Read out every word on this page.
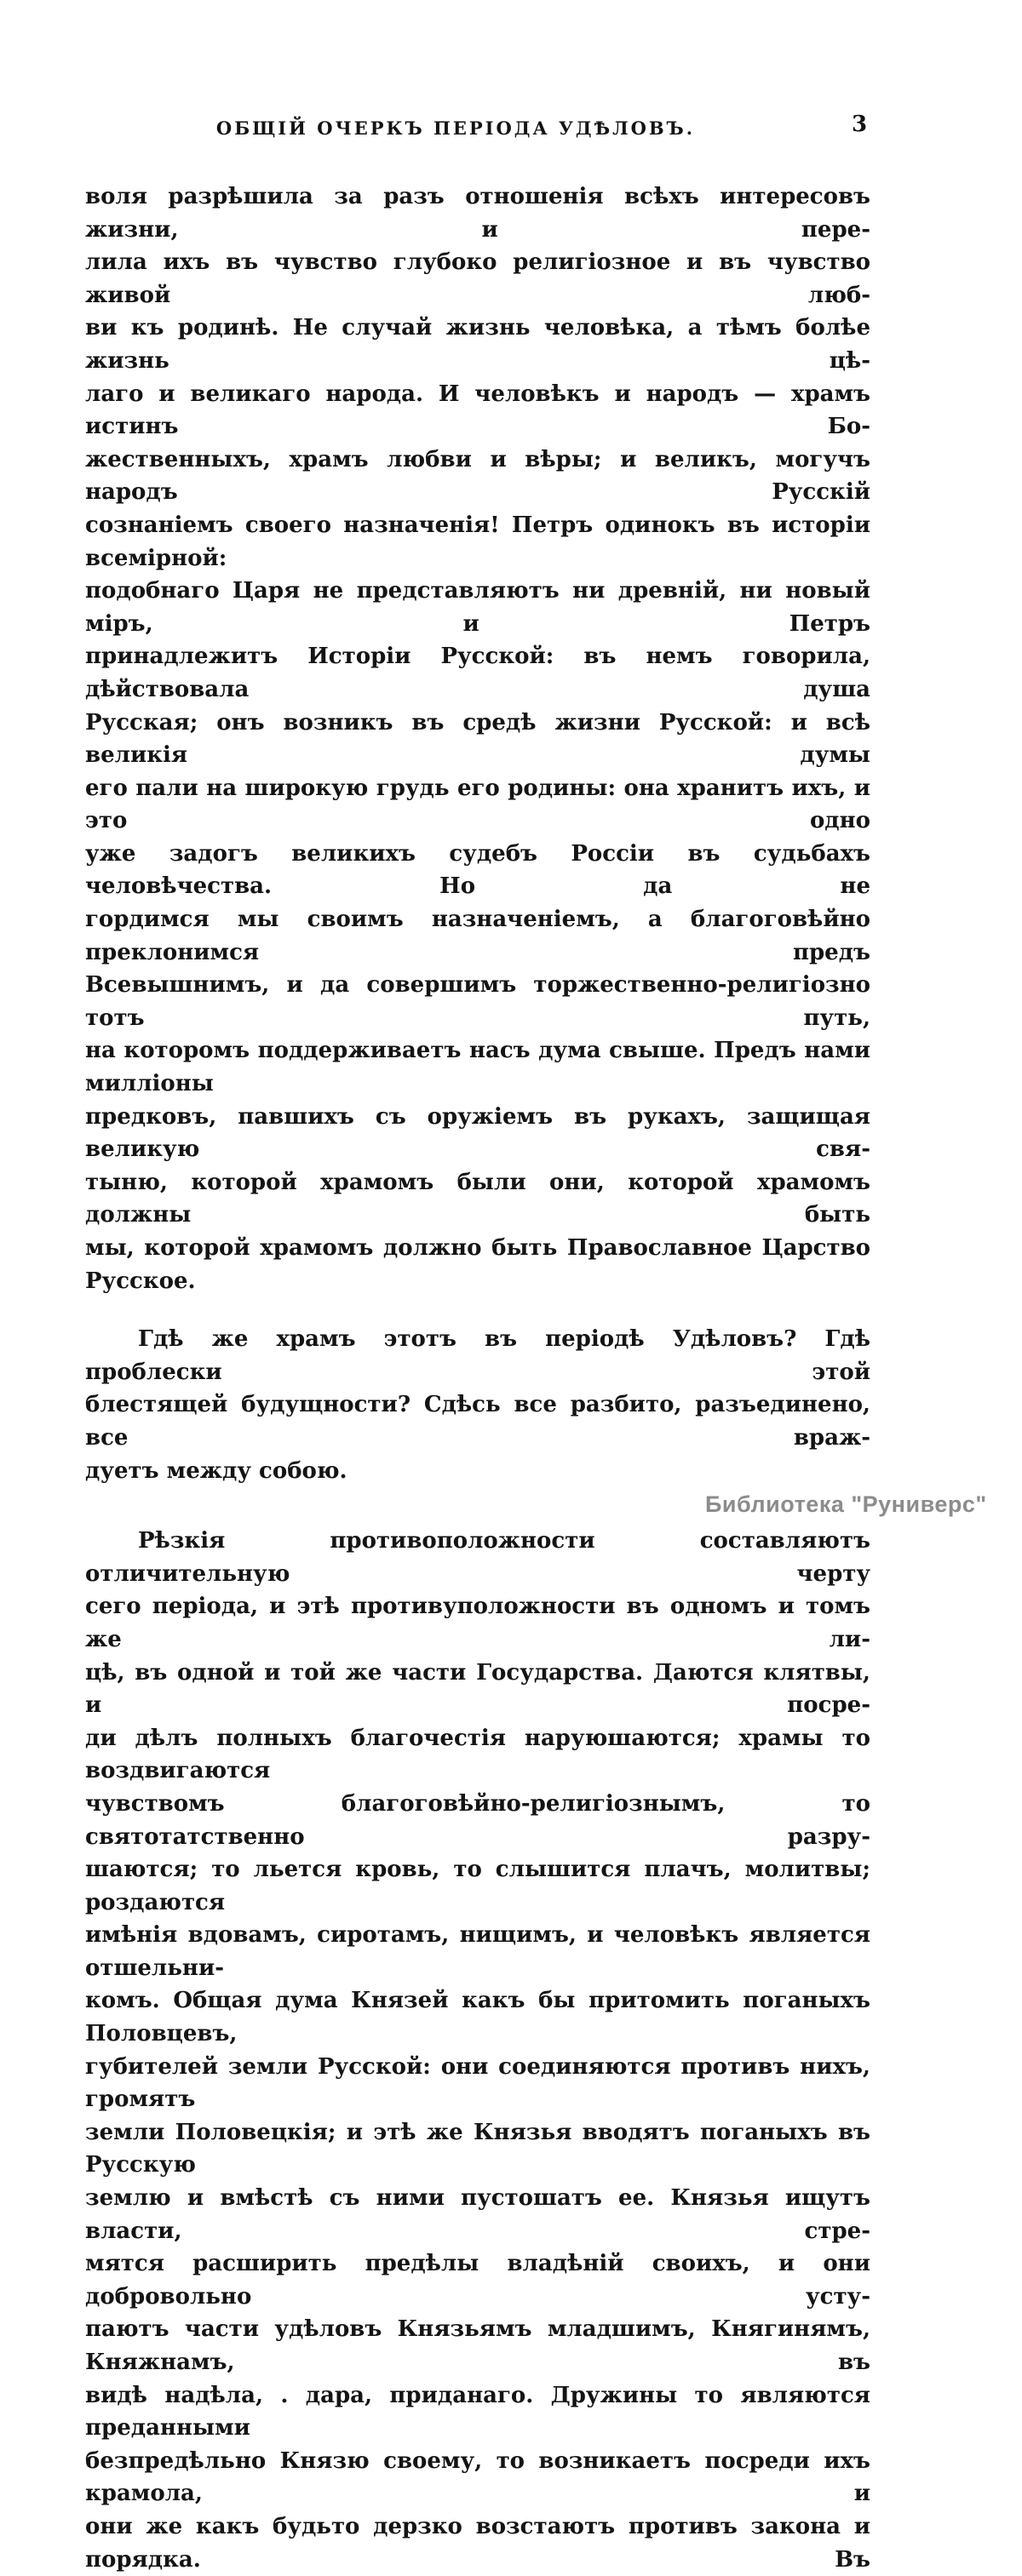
ОБЩІЙ ОЧЕРКЪ ПЕРІОДА УДѢЛОВЪ.	3
воля разрѣшила за разъ отношенія всѣхъ интересовъ жизни, и пере-
лила ихъ въ чувство глубоко религіозное и въ чувство живой люб-
ви къ родинѣ. Не случай жизнь человѣка, а тѣмъ болѣе жизнь цѣ-
лаго и великаго народа. И человѣкъ и народъ — храмъ истинъ Бо-
жественныхъ, храмъ любви и вѣры; и великъ, могучъ народъ Русскій
сознаніемъ своего назначенія! Петръ одинокъ въ исторіи всемірной:
подобнаго Царя не представляютъ ни древній, ни новый міръ, и Петръ
принадлежитъ Исторіи Русской: въ немъ говорила, дѣйствовала душа
Русская; онъ возникъ въ средѣ жизни Русской: и всѣ великія думы
его пали на широкую грудь его родины: она хранитъ ихъ, и это одно
уже задогъ великихъ судебъ Россіи въ судьбахъ человѣчества. Но да не
гордимся мы своимъ назначеніемъ, а благоговѣйно преклонимся предъ
Всевышнимъ, и да совершимъ торжественно-религіозно тотъ путь,
на которомъ поддерживаетъ насъ дума свыше. Предъ нами милліоны
предковъ, павшихъ съ оружіемъ въ рукахъ, защищая великую свя-
тыню, которой храмомъ были они, которой храмомъ должны быть
мы, которой храмомъ должно быть Православное Царство Русское.
Гдѣ же храмъ этотъ въ періодѣ Удѣловъ? Гдѣ проблески этой
блестящей будущности? Сдѣсь все разбито, разъединено, все враж-
дуетъ между собою.
Рѣзкія противоположности составляютъ отличительную черту
сего періода, и этѣ противуположности въ одномъ и томъ же ли-
цѣ, въ одной и той же части Государства. Даются клятвы, и посре-
ди дѣлъ полныхъ благочестія наруюшаются; храмы то воздвигаются
чувствомъ благоговѣйно-религіознымъ, то святотатственно разру-
шаются; то льется кровь, то слышится плачъ, молитвы; роздаются
имѣнія вдовамъ, сиротамъ, нищимъ, и человѣкъ является отшельни-
комъ. Общая дума Князей какъ бы притомить поганыхъ Половцевъ,
губителей земли Русской: они соединяются противъ нихъ, громятъ
земли Половецкія; и этѣ же Князья вводятъ поганыхъ въ Русскую
землю и вмѣстѣ съ ними пустошатъ ее. Князья ищутъ власти, стре-
мятся расширить предѣлы владѣній своихъ, и они добровольно усту-
паютъ части удѣловъ Князьямъ младшимъ, Княгинямъ, Княжнамъ, въ
видѣ надѣла, . дара, приданаго. Дружины то являются преданными
безпредѣльно Князю своему, то возникаетъ посреди ихъ крамола, и
они же какъ будьто дерзко возстаютъ противъ закона и порядка. Въ
Библиотека "Руниверс"
